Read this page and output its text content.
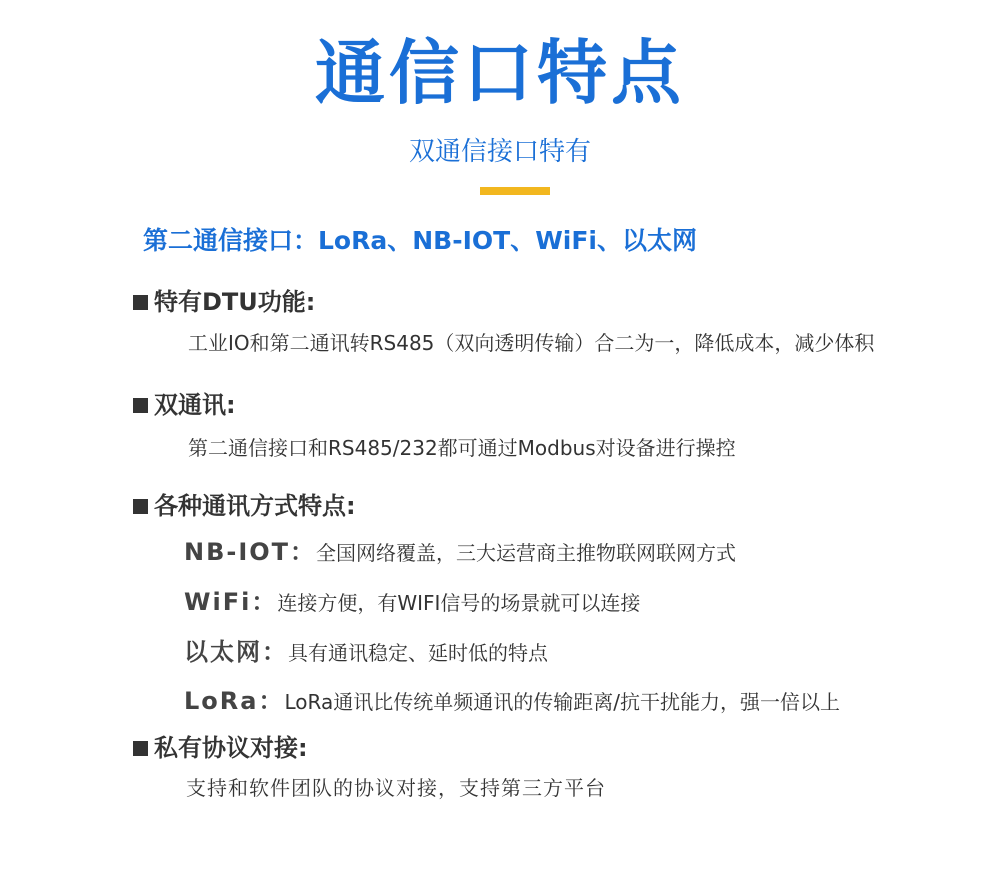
通信口特点
双通信接口特有
第二通信接口：LoRa、NB-IOT、WiFi、以太网
特有DTU功能:
工业IO和第二通讯转RS485（双向透明传输）合二为一，降低成本，减少体积
双通讯:
第二通信接口和RS485/232都可通过Modbus对设备进行操控
各种通讯方式特点:
NB-IOT：全国网络覆盖，三大运营商主推物联网联网方式
WiFi：连接方便，有WIFI信号的场景就可以连接
以太网：具有通讯稳定、延时低的特点
LoRa：LoRa通讯比传统单频通讯的传输距离/抗干扰能力，强一倍以上
私有协议对接:
支持和软件团队的协议对接，支持第三方平台
